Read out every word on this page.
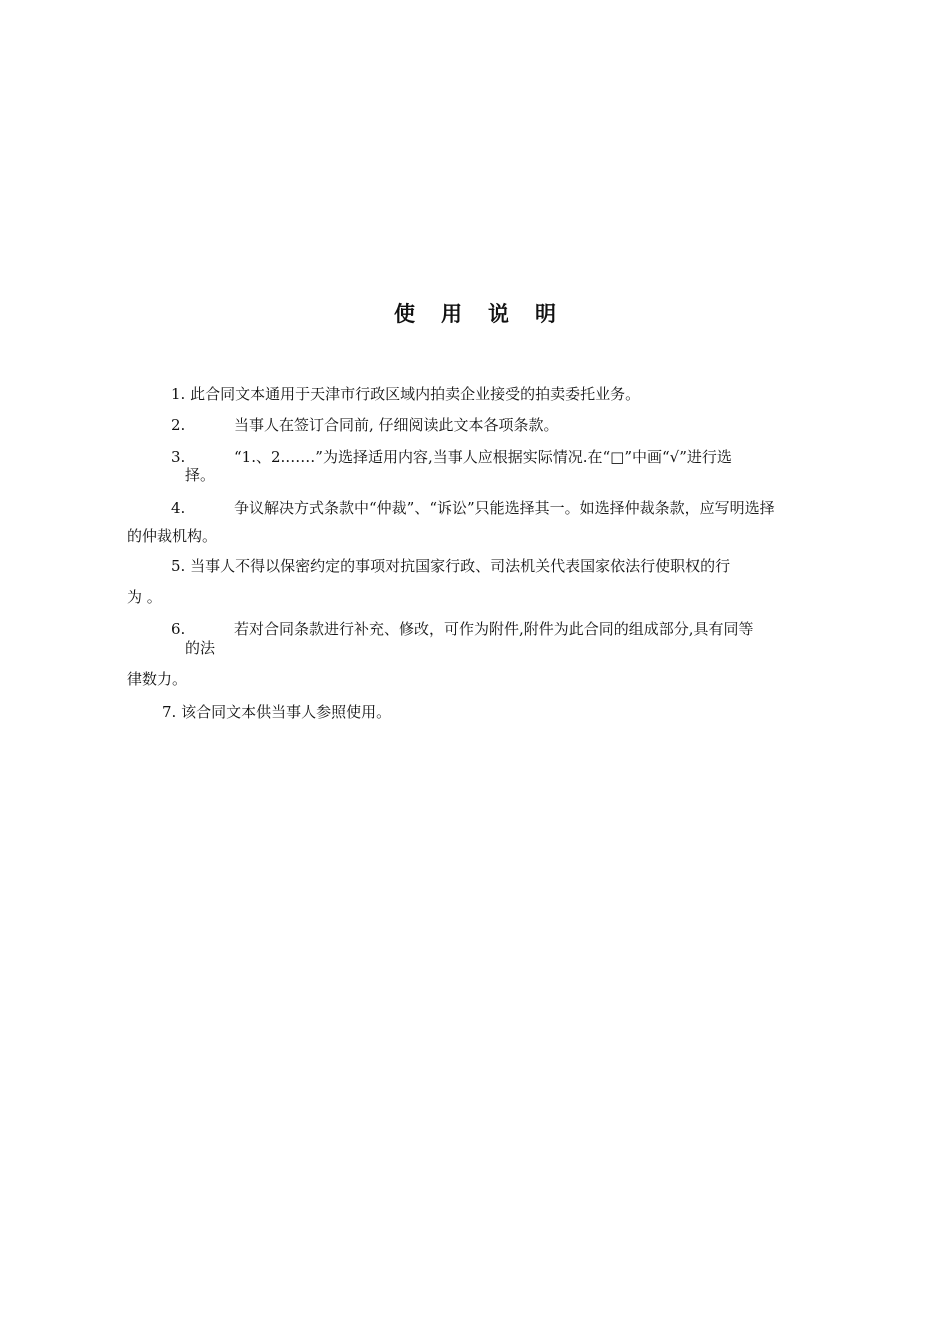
使 用 说 明
1. 此合同文本通用于天津市行政区域内拍卖企业接受的拍卖委托业务。
2.	当事人在签订合同前, 仔细阅读此文本各项条款。
3.	“1.、2.……”为选择适用内容,当事人应根据实际情况.在“□”中画“√”进行选
择。
4.	争议解决方式条款中“仲裁”、“诉讼”只能选择其一。如选择仲裁条款，应写明选择
的仲裁机构。
5. 当事人不得以保密约定的事项对抗国家行政、司法机关代表国家依法行使职权的行
为 。
6.	若对合同条款进行补充、修改，可作为附件,附件为此合同的组成部分,具有同等
的法
律数力。
7. 该合同文本供当事人参照使用。
